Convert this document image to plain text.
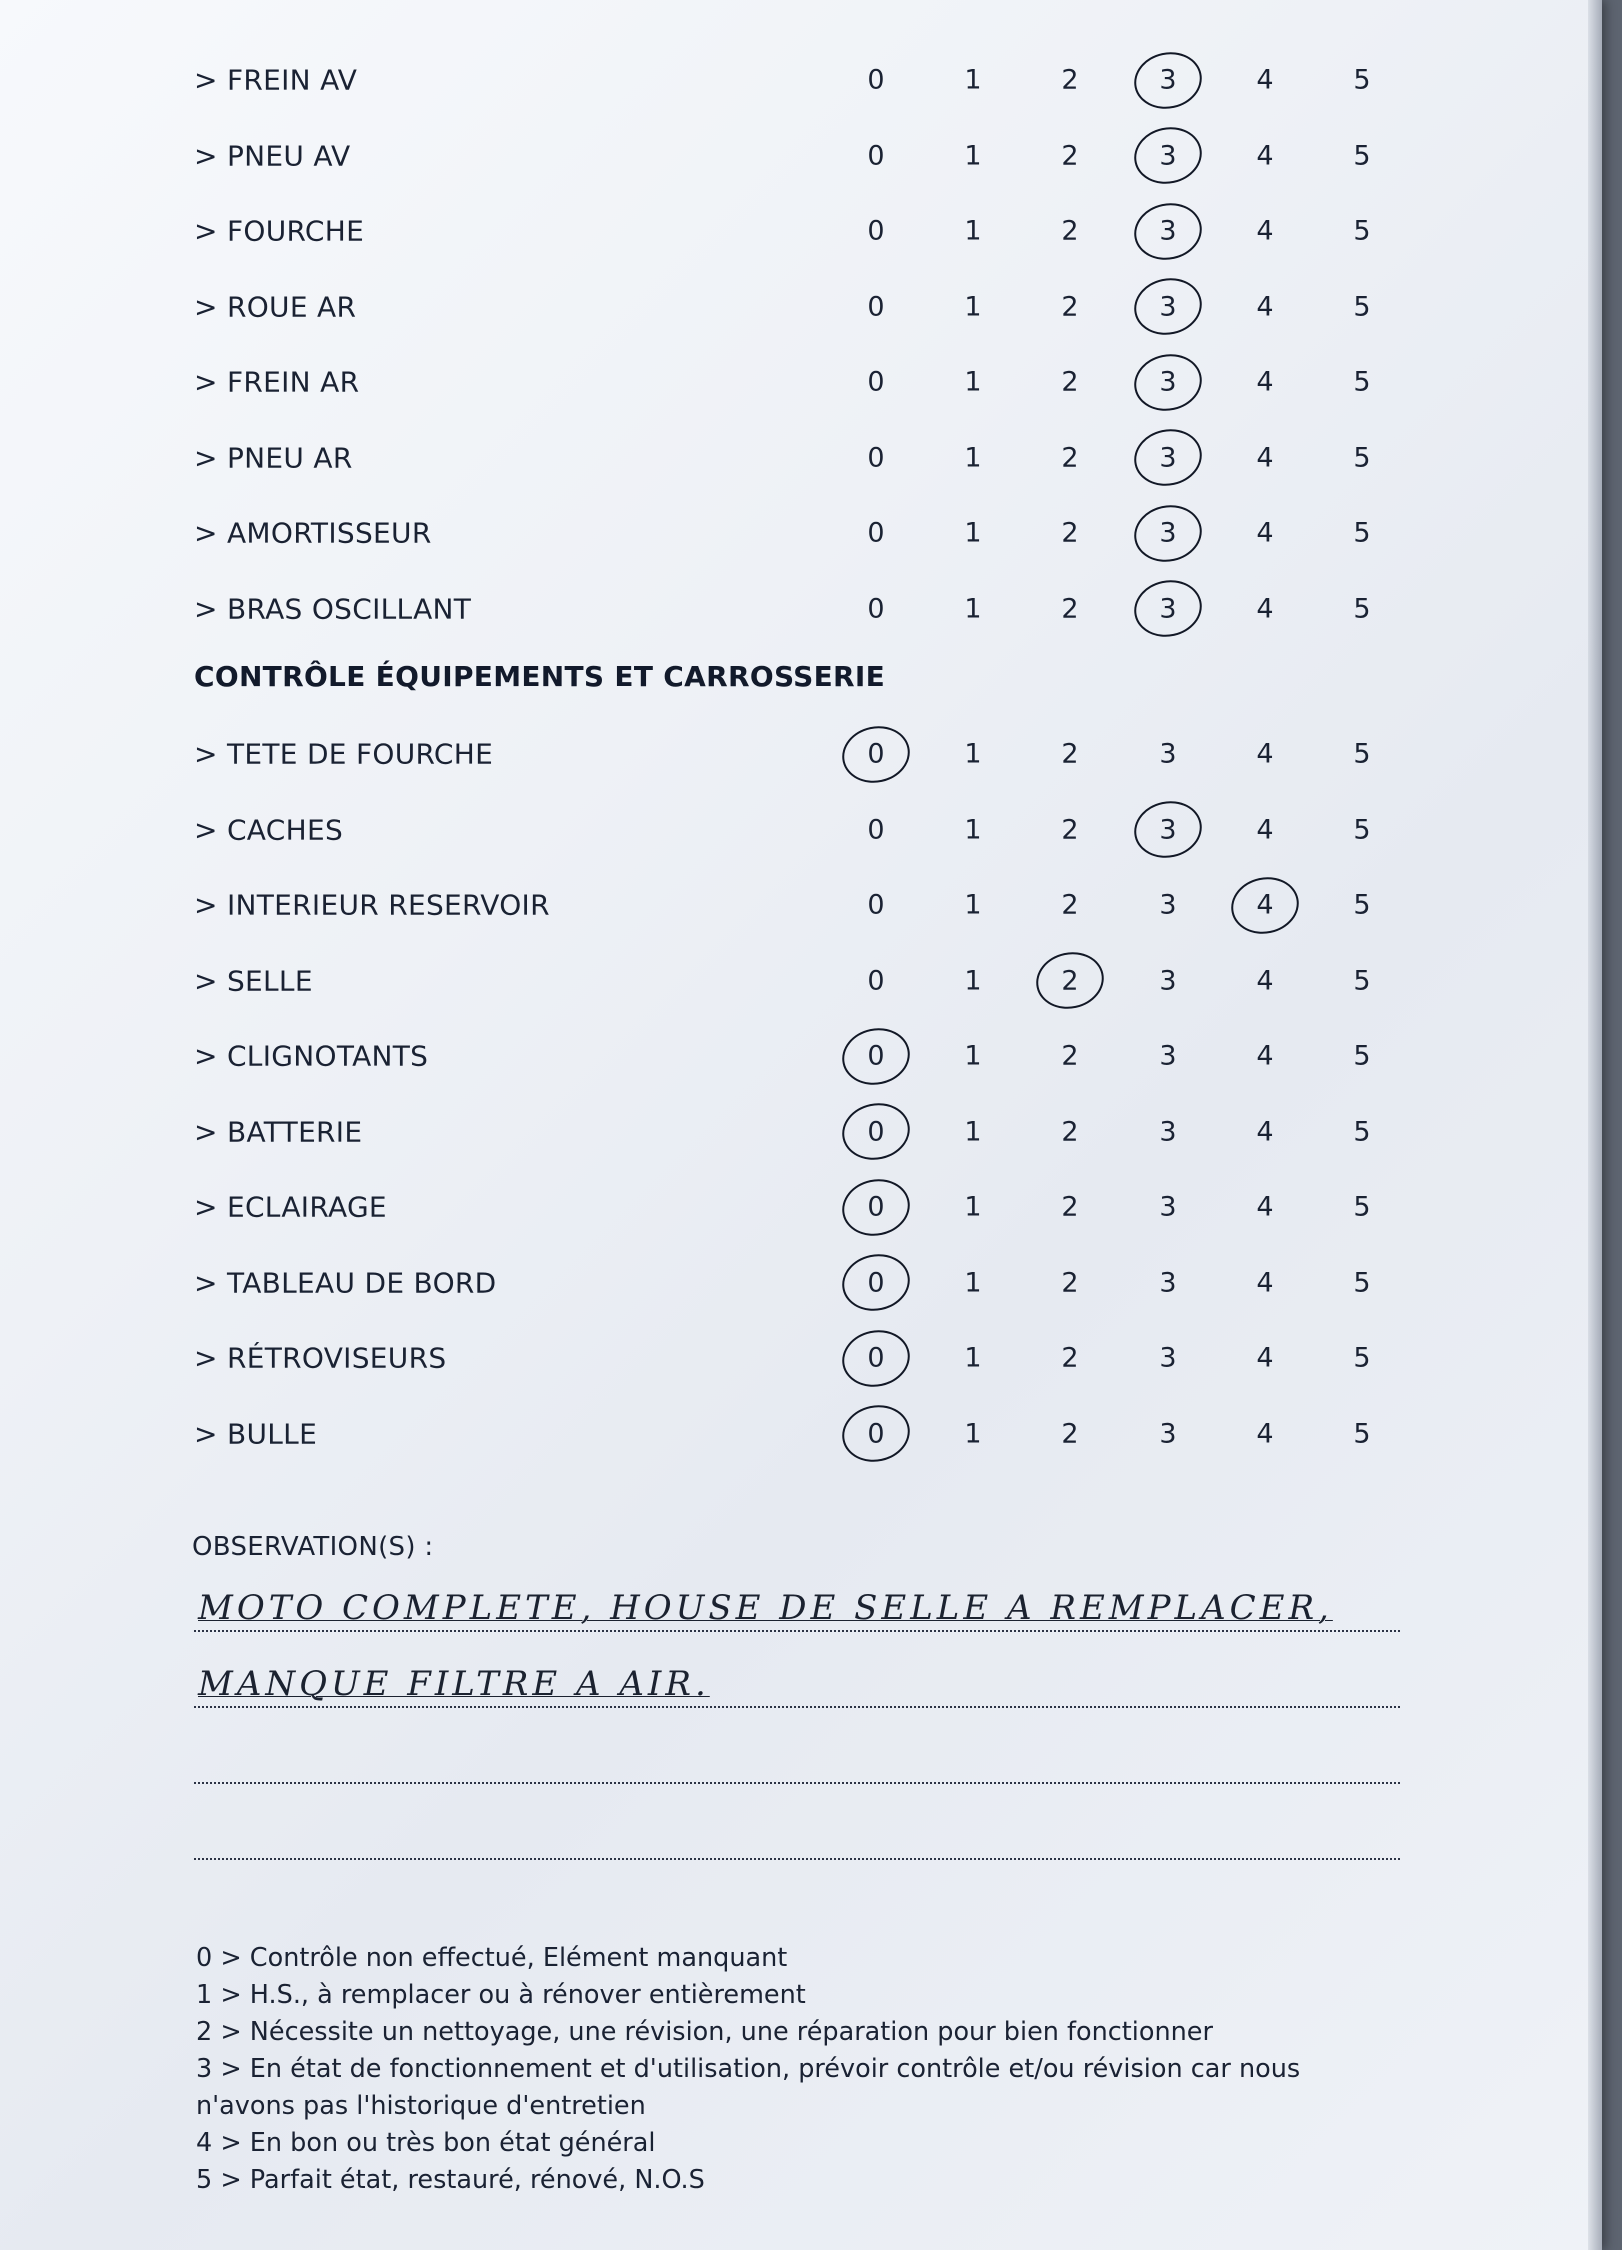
> FREIN AV	0	1	2	3	4	5
> PNEU AV	0	1	2	3	4	5
> FOURCHE	0	1	2	3	4	5
> ROUE AR	0	1	2	3	4	5
> FREIN AR	0	1	2	3	4	5
> PNEU AR	0	1	2	3	4	5
> AMORTISSEUR	0	1	2	3	4	5
> BRAS OSCILLANT	0	1	2	3	4	5
CONTRÔLE ÉQUIPEMENTS ET CARROSSERIE
> TETE DE FOURCHE	0	1	2	3	4	5
> CACHES	0	1	2	3	4	5
> INTERIEUR RESERVOIR	0	1	2	3	4	5
> SELLE	0	1	2	3	4	5
> CLIGNOTANTS	0	1	2	3	4	5
> BATTERIE	0	1	2	3	4	5
> ECLAIRAGE	0	1	2	3	4	5
> TABLEAU DE BORD	0	1	2	3	4	5
> RÉTROVISEURS	0	1	2	3	4	5
> BULLE	0	1	2	3	4	5
OBSERVATION(S) :
MOTO COMPLETE, HOUSE DE SELLE A REMPLACER,
MANQUE FILTRE A AIR.
0 > Contrôle non effectué, Elément manquant
1 > H.S., à remplacer ou à rénover entièrement
2 > Nécessite un nettoyage, une révision, une réparation pour bien fonctionner
3 > En état de fonctionnement et d'utilisation, prévoir contrôle et/ou révision car nous n'avons pas l'historique d'entretien
4 > En bon ou très bon état général
5 > Parfait état, restauré, rénové, N.O.S
